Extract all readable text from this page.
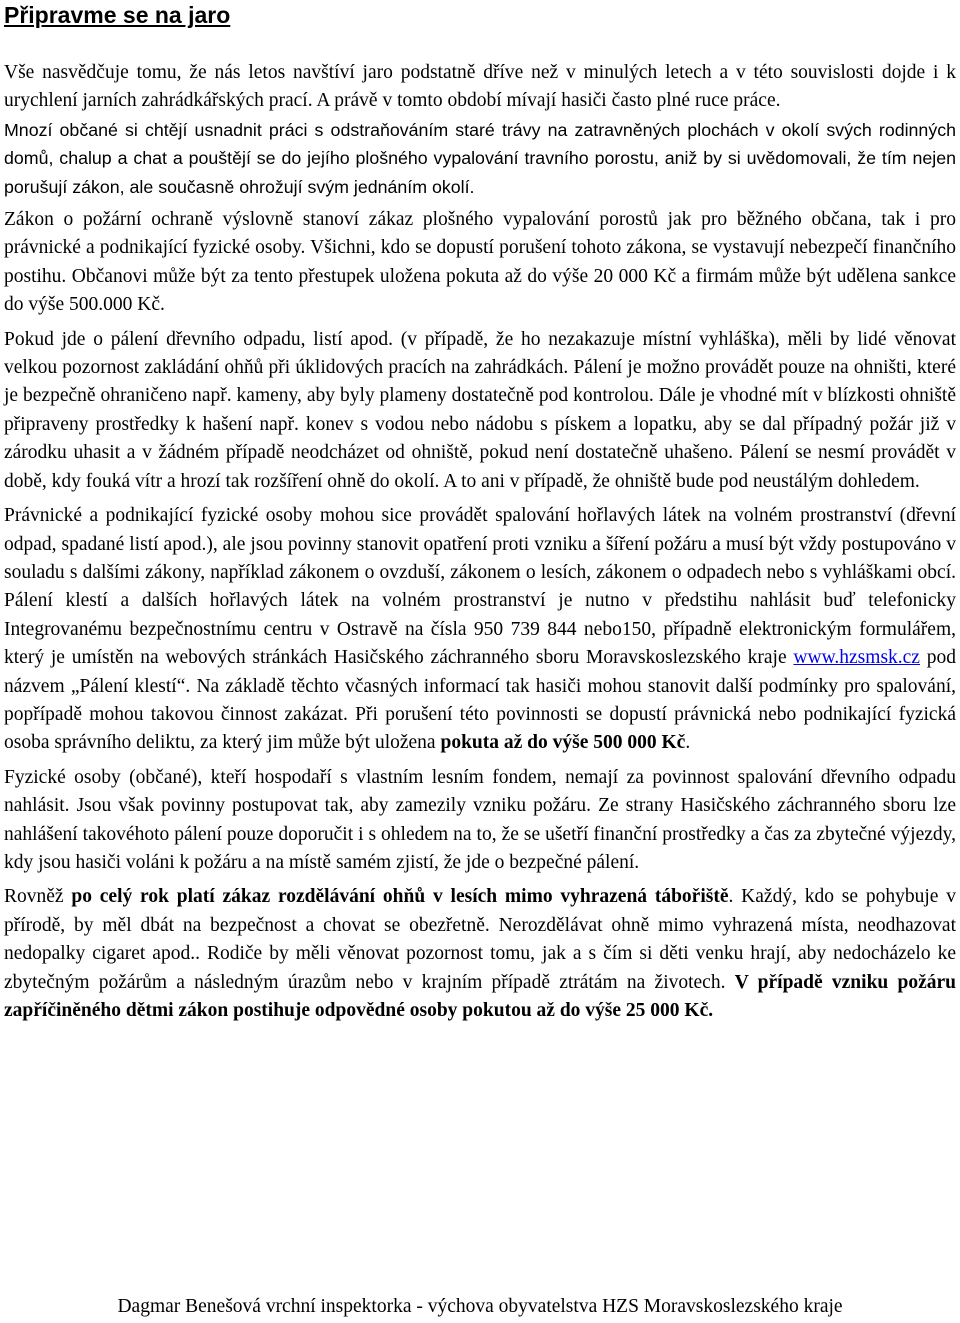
Připravme se na jaro

Vše nasvědčuje tomu, že nás letos navštíví jaro podstatně dříve než v minulých letech a v této souvislosti dojde i k urychlení jarních zahrádkářských prací. A právě v tomto období mívají hasiči často plné ruce práce.

Mnozí občané si chtějí usnadnit práci s odstraňováním staré trávy na zatravněných plochách v okolí svých rodinných domů, chalup a chat a pouštějí se do jejího plošného vypalování travního porostu, aniž by si uvědomovali, že tím nejen porušují zákon, ale současně ohrožují svým jednáním okolí.

Zákon o požární ochraně výslovně stanoví zákaz plošného vypalování porostů jak pro běžného občana, tak i pro právnické a podnikající fyzické osoby. Všichni, kdo se dopustí porušení tohoto zákona, se vystavují nebezpečí finančního postihu. Občanovi může být za tento přestupek uložena pokuta až do výše 20 000 Kč a firmám může být udělena sankce do výše 500.000 Kč.

Pokud jde o pálení dřevního odpadu, listí apod. (v případě, že ho nezakazuje místní vyhláška), měli by lidé věnovat velkou pozornost zakládání ohňů při úklidových pracích na zahrádkách. Pálení je možno provádět pouze na ohništi, které je bezpečně ohraničeno např. kameny, aby byly plameny dostatečně pod kontrolou. Dále je vhodné mít v blízkosti ohniště připraveny prostředky k hašení např. konev s vodou nebo nádobu s pískem a lopatku, aby se dal případný požár již v zárodku uhasit a v žádném případě neodcházet od ohniště, pokud není dostatečně uhašeno. Pálení se nesmí provádět v době, kdy fouká vítr a hrozí tak rozšíření ohně do okolí. A to ani v případě, že ohniště bude pod neustálým dohledem.

Právnické a podnikající fyzické osoby mohou sice provádět spalování hořlavých látek na volném prostranství (dřevní odpad, spadané listí apod.), ale jsou povinny stanovit opatření proti vzniku a šíření požáru a musí být vždy postupováno v souladu s dalšími zákony, například zákonem o ovzduší, zákonem o lesích, zákonem o odpadech nebo s vyhláškami obcí. Pálení klestí a dalších hořlavých látek na volném prostranství je nutno v předstihu nahlásit buď telefonicky Integrovanému bezpečnostnímu centru v Ostravě na čísla 950 739 844 nebo150, případně elektronickým formulářem, který je umístěn na webových stránkách Hasičského záchranného sboru Moravskoslezského kraje www.hzsmsk.cz pod názvem „Pálení klestí“. Na základě těchto včasných informací tak hasiči mohou stanovit další podmínky pro spalování, popřípadě mohou takovou činnost zakázat. Při porušení této povinnosti se dopustí právnická nebo podnikající fyzická osoba správního deliktu, za který jim může být uložena pokuta až do výše 500 000 Kč.

Fyzické osoby (občané), kteří hospodaří s vlastním lesním fondem, nemají za povinnost spalování dřevního odpadu nahlásit. Jsou však povinny postupovat tak, aby zamezily vzniku požáru. Ze strany Hasičského záchranného sboru lze nahlášení takovéhoto pálení pouze doporučit i s ohledem na to, že se ušetří finanční prostředky a čas za zbytečné výjezdy, kdy jsou hasiči voláni k požáru a na místě samém zjistí, že jde o bezpečné pálení.

Rovněž po celý rok platí zákaz rozdělávání ohňů v lesích mimo vyhrazená tábořiště. Každý, kdo se pohybuje v přírodě, by měl dbát na bezpečnost a chovat se obezřetně. Nerozdělávat ohně mimo vyhrazená místa, neodhazovat nedopalky cigaret apod.. Rodiče by měli věnovat pozornost tomu, jak a s čím si děti venku hrají, aby nedocházelo ke zbytečným požárům a následným úrazům nebo v krajním případě ztrátám na životech. V případě vzniku požáru zapříčiněného dětmi zákon postihuje odpovědné osoby pokutou až do výše 25 000 Kč.

Dagmar Benešová vrchní inspektorka - výchova obyvatelstva HZS Moravskoslezského kraje
